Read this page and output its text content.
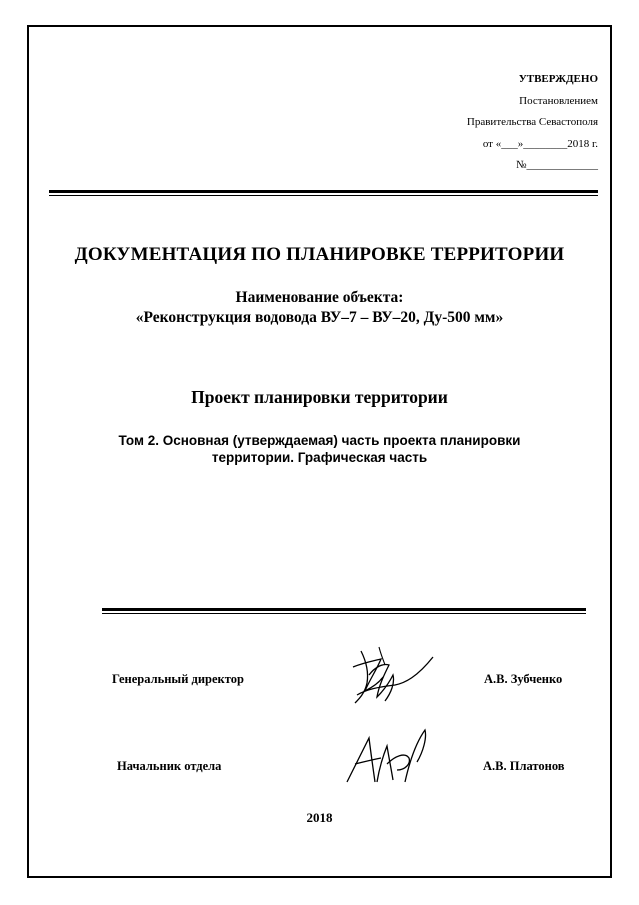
УТВЕРЖДЕНО
Постановлением
Правительства Севастополя
от «___»________2018 г.
№_____________
ДОКУМЕНТАЦИЯ ПО ПЛАНИРОВКЕ ТЕРРИТОРИИ
Наименование объекта:
«Реконструкция водовода ВУ–7 – ВУ–20, Ду-500 мм»
Проект планировки территории
Том 2. Основная (утверждаемая) часть проекта планировки
территории. Графическая часть
Генеральный директор	А.В. Зубченко
Начальник отдела	А.В. Платонов
2018
